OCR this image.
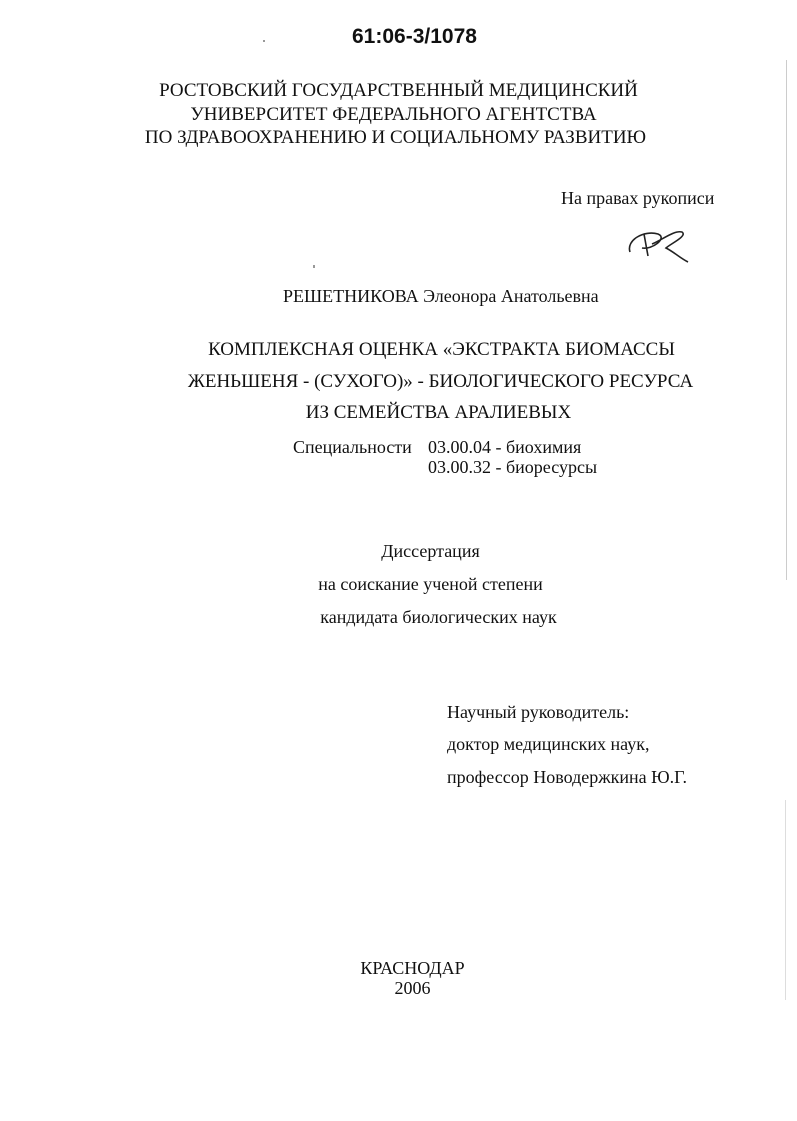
61:06-3/1078
РОСТОВСКИЙ ГОСУДАРСТВЕННЫЙ МЕДИЦИНСКИЙ
УНИВЕРСИТЕТ ФЕДЕРАЛЬНОГО АГЕНТСТВА
ПО ЗДРАВООХРАНЕНИЮ И СОЦИАЛЬНОМУ РАЗВИТИЮ
На правах рукописи
РЕШЕТНИКОВА Элеонора Анатольевна
КОМПЛЕКСНАЯ ОЦЕНКА «ЭКСТРАКТА БИОМАССЫ
ЖЕНЬШЕНЯ - (СУХОГО)» - БИОЛОГИЧЕСКОГО РЕСУРСА
ИЗ СЕМЕЙСТВА АРАЛИЕВЫХ
Специальности 03.00.04 - биохимия
03.00.32 - биоресурсы
Диссертация
на соискание ученой степени
кандидата биологических наук
Научный руководитель:
доктор медицинских наук,
профессор Новодержкина Ю.Г.
КРАСНОДАР
2006
